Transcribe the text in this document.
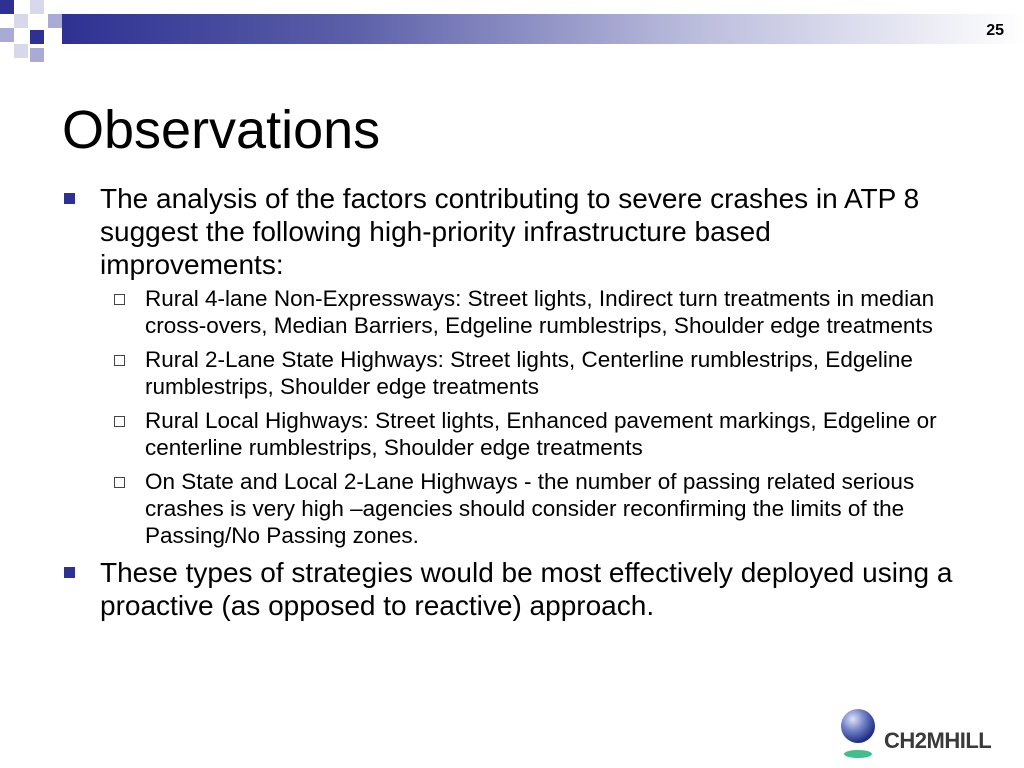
25
Observations
The analysis of the factors contributing to severe crashes in ATP 8 suggest the following high-priority infrastructure based improvements:
Rural 4-lane Non-Expressways: Street lights, Indirect turn treatments in median cross-overs, Median Barriers, Edgeline rumblestrips, Shoulder edge treatments
Rural 2-Lane State Highways: Street lights, Centerline rumblestrips, Edgeline rumblestrips, Shoulder edge treatments
Rural Local Highways: Street lights, Enhanced pavement markings, Edgeline or centerline rumblestrips, Shoulder edge treatments
On State and Local 2-Lane Highways - the number of passing related serious crashes is very high –agencies should consider reconfirming the limits of the Passing/No Passing zones.
These types of strategies would be most effectively deployed using a proactive (as opposed to reactive) approach.
CH2MHILL
